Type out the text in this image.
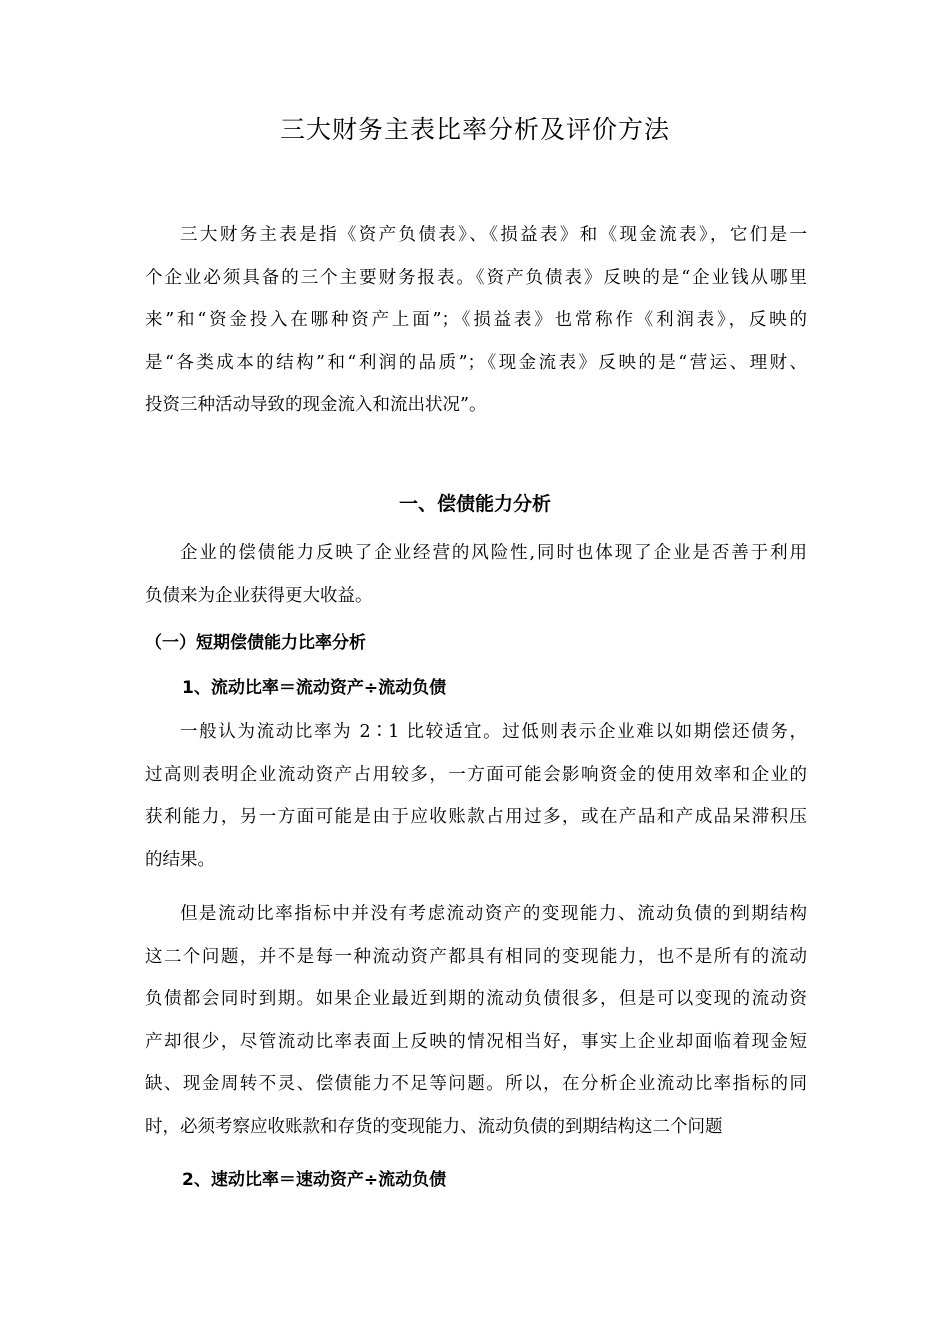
三大财务主表比率分析及评价方法

三大财务主表是指《资产负债表》、《损益表》和《现金流表》，它们是一
个企业必须具备的三个主要财务报表。《资产负债表》反映的是“企业钱从哪里
来”和“资金投入在哪种资产上面”；《损益表》也常称作《利润表》，反映的
是“各类成本的结构”和“利润的品质”；《现金流表》反映的是“营运、理财、
投资三种活动导致的现金流入和流出状况”。

一、偿债能力分析

企业的偿债能力反映了企业经营的风险性,同时也体现了企业是否善于利用
负债来为企业获得更大收益。

（一）短期偿债能力比率分析
1、流动比率＝流动资产÷流动负债

一般认为流动比率为 2∶1 比较适宜。过低则表示企业难以如期偿还债务，
过高则表明企业流动资产占用较多，一方面可能会影响资金的使用效率和企业的
获利能力，另一方面可能是由于应收账款占用过多，或在产品和产成品呆滞积压
的结果。

但是流动比率指标中并没有考虑流动资产的变现能力、流动负债的到期结构
这二个问题，并不是每一种流动资产都具有相同的变现能力，也不是所有的流动
负债都会同时到期。如果企业最近到期的流动负债很多，但是可以变现的流动资
产却很少，尽管流动比率表面上反映的情况相当好，事实上企业却面临着现金短
缺、现金周转不灵、偿债能力不足等问题。所以，在分析企业流动比率指标的同
时，必须考察应收账款和存货的变现能力、流动负债的到期结构这二个问题

2、速动比率＝速动资产÷流动负债
